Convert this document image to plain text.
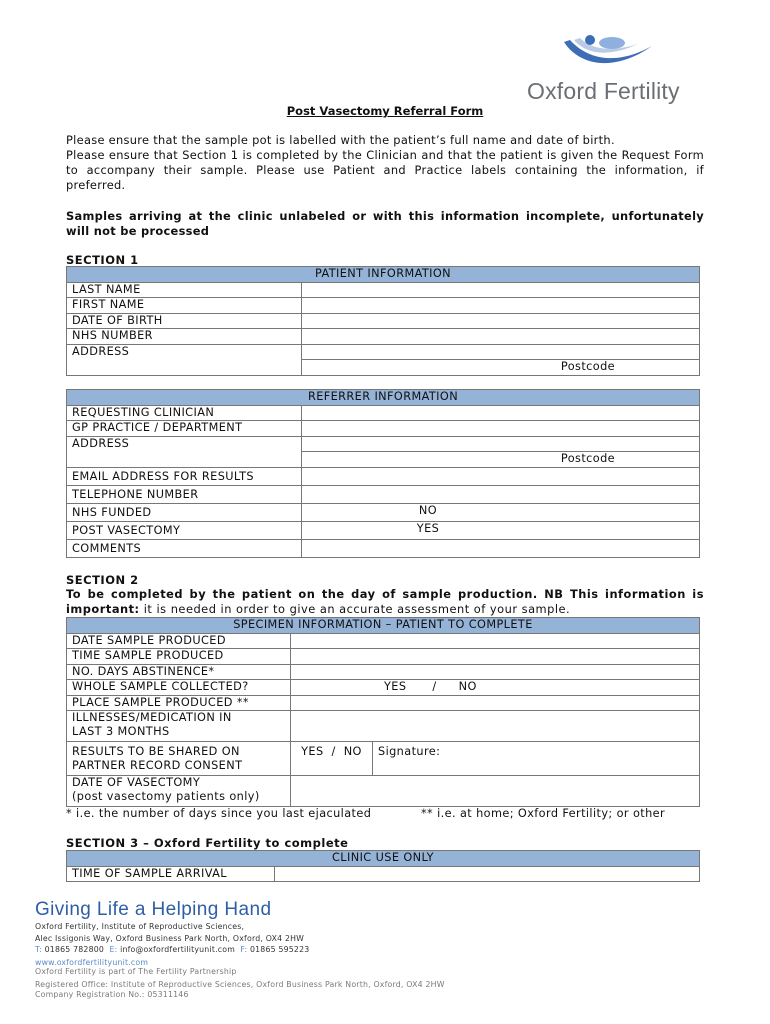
Oxford Fertility
Post Vasectomy Referral Form
Please ensure that the sample pot is labelled with the patient’s full name and date of birth.
Please ensure that Section 1 is completed by the Clinician and that the patient is given the Request Form to accompany their sample. Please use Patient and Practice labels containing the information, if preferred.
Samples arriving at the clinic unlabeled or with this information incomplete, unfortunately will not be processed
SECTION 1
PATIENT INFORMATION	
LAST NAME	
FIRST NAME	
DATE OF BIRTH	
NHS NUMBER	
ADDRESS	
	Postcode
REFERRER INFORMATION	
REQUESTING CLINICIAN	
GP PRACTICE / DEPARTMENT	
ADDRESS	
	Postcode
EMAIL ADDRESS FOR RESULTS	
TELEPHONE NUMBER	
NHS FUNDED	NO
POST VASECTOMY	YES
COMMENTS	
SECTION 2
To be completed by the patient on the day of sample production. NB This information is important: it is needed in order to give an accurate assessment of your sample.
SPECIMEN INFORMATION – PATIENT TO COMPLETE		
DATE SAMPLE PRODUCED		
TIME SAMPLE PRODUCED		
NO. DAYS ABSTINENCE*		
WHOLE SAMPLE COLLECTED?	YES / NO	
PLACE SAMPLE PRODUCED **		

ILLNESSES/MEDICATION IN
LAST 3 MONTHS		

RESULTS TO BE SHARED ON
PARTNER RECORD CONSENT	YES  /  NO	Signature:

DATE OF VASECTOMY
(post vasectomy patients only)		

* i.e. the number of days since you last ejaculated	** i.e. at home; Oxford Fertility; or other
SECTION 3 – Oxford Fertility to complete
CLINIC USE ONLY
TIME OF SAMPLE ARRIVAL	
Giving Life a Helping Hand
Oxford Fertility, Institute of Reproductive Sciences,
Alec Issigonis Way, Oxford Business Park North, Oxford, OX4 2HW
T: 01865 782800 E: info@oxfordfertilityunit.com F: 01865 595223
www.oxfordfertilityunit.com
Oxford Fertility is part of The Fertility Partnership
Registered Office: Institute of Reproductive Sciences, Oxford Business Park North, Oxford, OX4 2HW
Company Registration No.: 05311146
